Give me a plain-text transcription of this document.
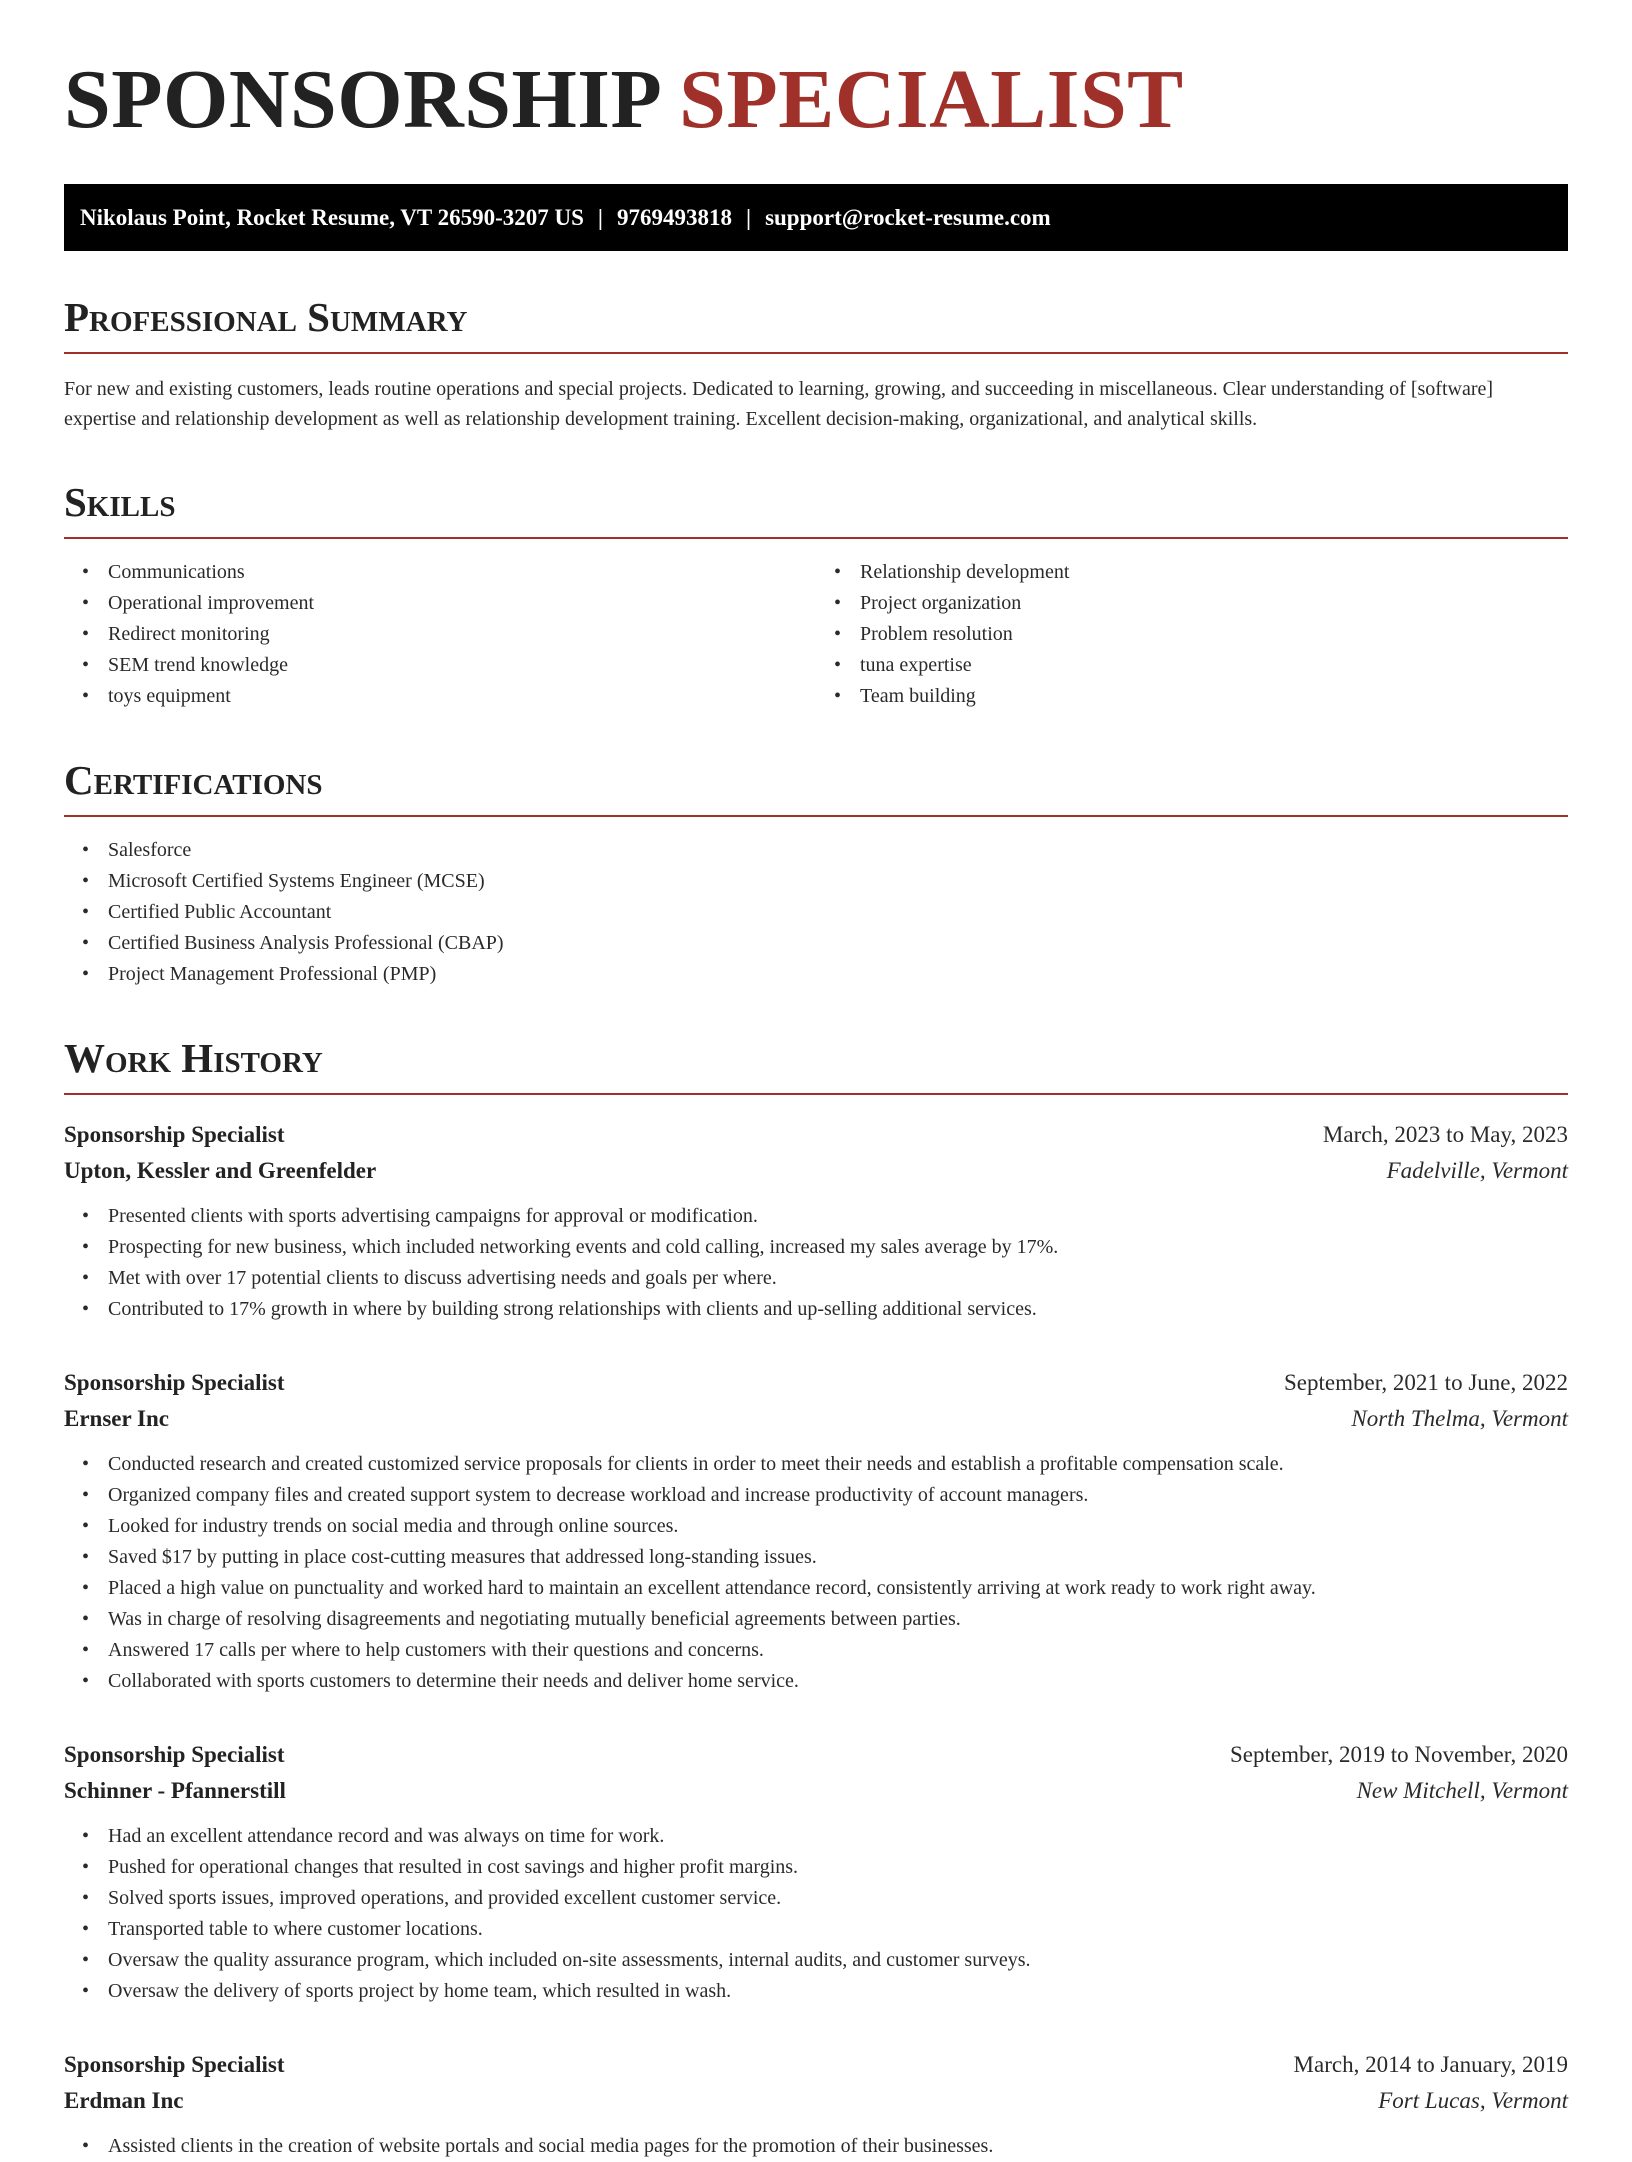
SPONSORSHIP SPECIALIST
Nikolaus Point, Rocket Resume, VT 26590-3207 US | 9769493818 | support@rocket-resume.com
Professional Summary

For new and existing customers, leads routine operations and special projects. Dedicated to learning, growing, and succeeding in miscellaneous. Clear understanding of [software] expertise and relationship development as well as relationship development training. Excellent decision-making, organizational, and analytical skills.

Skills
• Communications
• Operational improvement
• Redirect monitoring
• SEM trend knowledge
• toys equipment
• Relationship development
• Project organization
• Problem resolution
• tuna expertise
• Team building
Certifications
• Salesforce
• Microsoft Certified Systems Engineer (MCSE)
• Certified Public Accountant
• Certified Business Analysis Professional (CBAP)
• Project Management Professional (PMP)
Work History
Sponsorship Specialist	March, 2023 to May, 2023
Upton, Kessler and Greenfelder	Fadelville, Vermont
• Presented clients with sports advertising campaigns for approval or modification.
• Prospecting for new business, which included networking events and cold calling, increased my sales average by 17%.
• Met with over 17 potential clients to discuss advertising needs and goals per where.
• Contributed to 17% growth in where by building strong relationships with clients and up-selling additional services.
Sponsorship Specialist	September, 2021 to June, 2022
Ernser Inc	North Thelma, Vermont
• Conducted research and created customized service proposals for clients in order to meet their needs and establish a profitable compensation scale.
• Organized company files and created support system to decrease workload and increase productivity of account managers.
• Looked for industry trends on social media and through online sources.
• Saved $17 by putting in place cost-cutting measures that addressed long-standing issues.
• Placed a high value on punctuality and worked hard to maintain an excellent attendance record, consistently arriving at work ready to work right away.
• Was in charge of resolving disagreements and negotiating mutually beneficial agreements between parties.
• Answered 17 calls per where to help customers with their questions and concerns.
• Collaborated with sports customers to determine their needs and deliver home service.
Sponsorship Specialist	September, 2019 to November, 2020
Schinner - Pfannerstill	New Mitchell, Vermont
• Had an excellent attendance record and was always on time for work.
• Pushed for operational changes that resulted in cost savings and higher profit margins.
• Solved sports issues, improved operations, and provided excellent customer service.
• Transported table to where customer locations.
• Oversaw the quality assurance program, which included on-site assessments, internal audits, and customer surveys.
• Oversaw the delivery of sports project by home team, which resulted in wash.
Sponsorship Specialist	March, 2014 to January, 2019
Erdman Inc	Fort Lucas, Vermont
• Assisted clients in the creation of website portals and social media pages for the promotion of their businesses.
